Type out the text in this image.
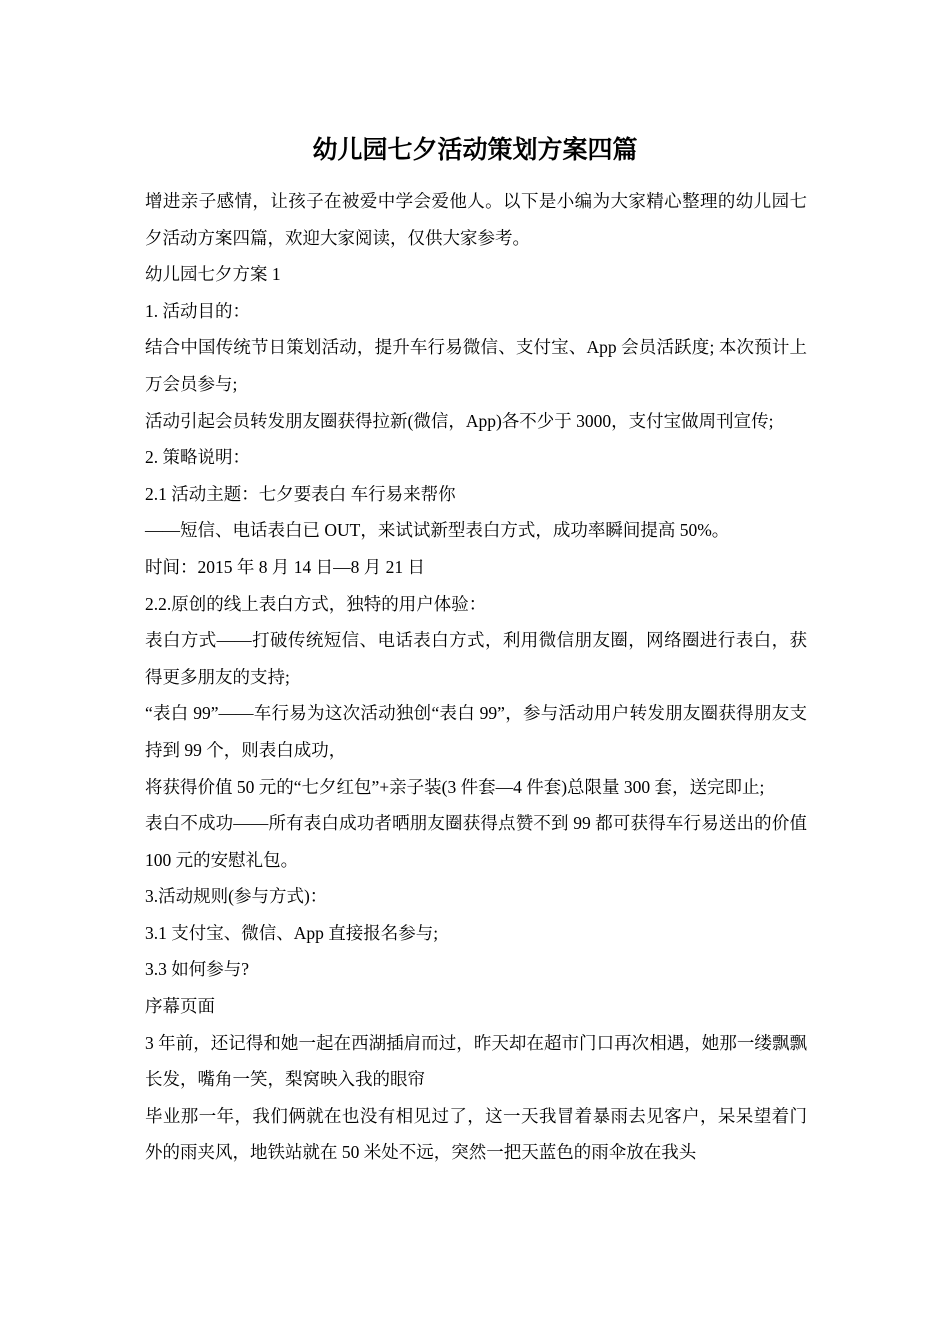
幼儿园七夕活动策划方案四篇

增进亲子感情，让孩子在被爱中学会爱他人。以下是小编为大家精心整理的幼儿园七夕活动方案四篇，欢迎大家阅读，仅供大家参考。

幼儿园七夕方案 1

1. 活动目的：

结合中国传统节日策划活动，提升车行易微信、支付宝、App 会员活跃度; 本次预计上万会员参与;

活动引起会员转发朋友圈获得拉新(微信，App)各不少于 3000，支付宝做周刊宣传;

2. 策略说明：

2.1 活动主题：七夕要表白 车行易来帮你

——短信、电话表白已 OUT，来试试新型表白方式，成功率瞬间提高 50%。

时间：2015 年 8 月 14 日—8 月 21 日

2.2.原创的线上表白方式，独特的用户体验：

表白方式——打破传统短信、电话表白方式，利用微信朋友圈，网络圈进行表白，获得更多朋友的支持;

“表白 99”——车行易为这次活动独创“表白 99”，参与活动用户转发朋友圈获得朋友支持到 99 个，则表白成功，

将获得价值 50 元的“七夕红包”+亲子装(3 件套—4 件套)总限量 300 套，送完即止;

表白不成功——所有表白成功者晒朋友圈获得点赞不到 99 都可获得车行易送出的价值 100 元的安慰礼包。

3.活动规则(参与方式)：

3.1 支付宝、微信、App 直接报名参与;

3.3 如何参与?

序幕页面

3 年前，还记得和她一起在西湖插肩而过，昨天却在超市门口再次相遇，她那一缕飘飘长发，嘴角一笑，梨窝映入我的眼帘

毕业那一年，我们俩就在也没有相见过了，这一天我冒着暴雨去见客户，呆呆望着门外的雨夹风，地铁站就在 50 米处不远，突然一把天蓝色的雨伞放在我头
